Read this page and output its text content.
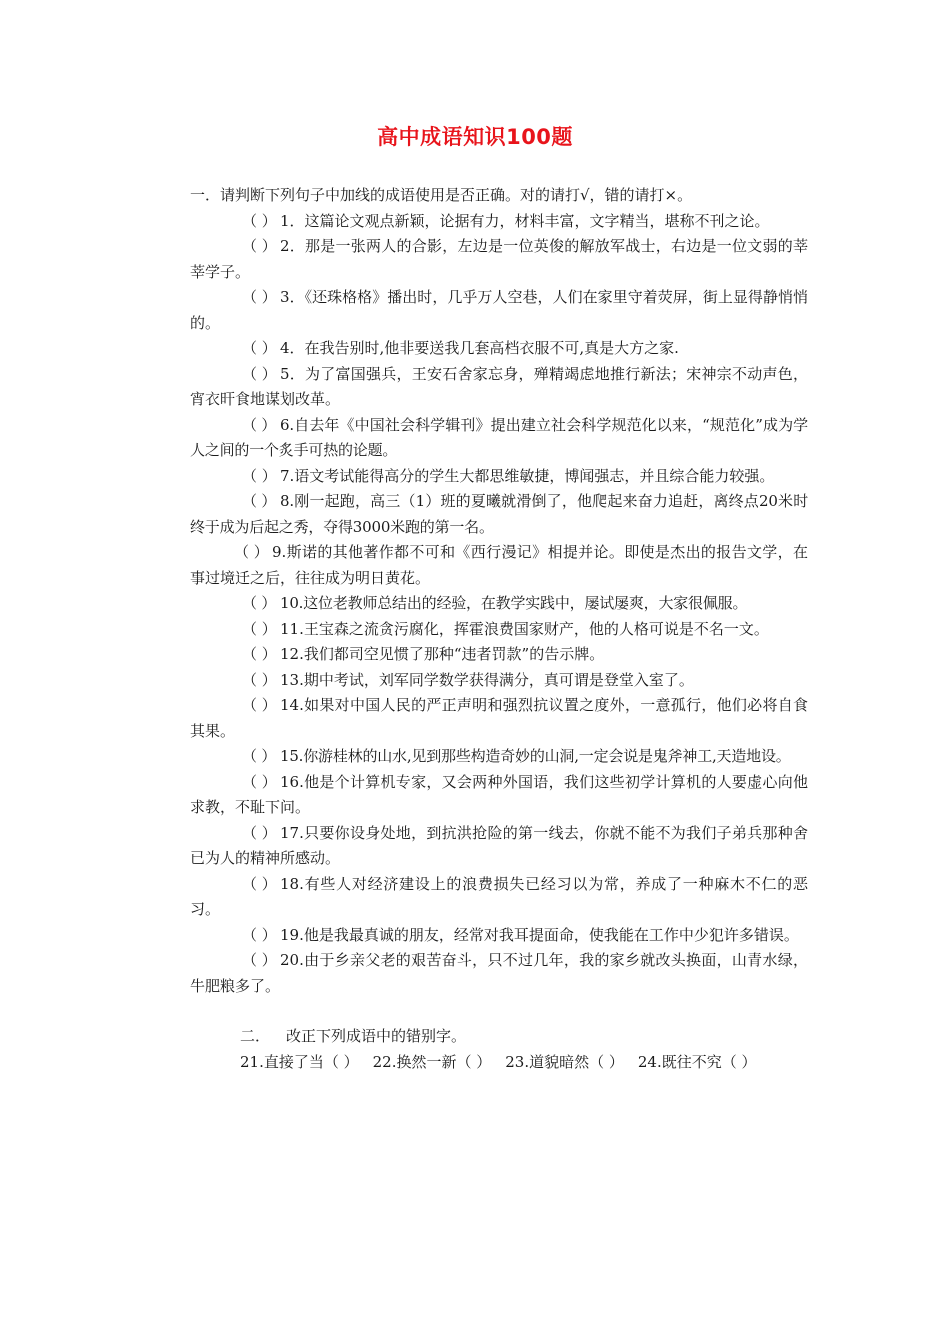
高中成语知识100题

一．请判断下列句子中加线的成语使用是否正确。对的请打√，错的请打×。

（ ） 1．这篇论文观点新颖，论据有力，材料丰富，文字精当，堪称不刊之论。

（ ） 2．那是一张两人的合影，左边是一位英俊的解放军战士，右边是一位文弱的莘莘学子。

（ ） 3．《还珠格格》播出时，几乎万人空巷，人们在家里守着荧屏，街上显得静悄悄的。

（ ） 4．在我告别时,他非要送我几套高档衣服不可,真是大方之家.

（ ） 5．为了富国强兵，王安石舍家忘身，殚精竭虑地推行新法；宋神宗不动声色，宵衣旰食地谋划改革。

（ ） 6.自去年《中国社会科学辑刊》提出建立社会科学规范化以来，“规范化”成为学人之间的一个炙手可热的论题。

（ ） 7.语文考试能得高分的学生大都思维敏捷，博闻强志，并且综合能力较强。

（ ） 8.刚一起跑，高三（1）班的夏曦就滑倒了，他爬起来奋力追赶，离终点20米时终于成为后起之秀，夺得3000米跑的第一名。

（ ） 9.斯诺的其他著作都不可和《西行漫记》相提并论。即使是杰出的报告文学，在事过境迁之后，往往成为明日黄花。

（ ） 10.这位老教师总结出的经验，在教学实践中，屡试屡爽，大家很佩服。

（ ） 11.王宝森之流贪污腐化，挥霍浪费国家财产，他的人格可说是不名一文。

（ ） 12.我们都司空见惯了那种“违者罚款”的告示牌。

（ ） 13.期中考试，刘军同学数学获得满分，真可谓是登堂入室了。

（ ） 14.如果对中国人民的严正声明和强烈抗议置之度外，一意孤行，他们必将自食其果。

（ ） 15.你游桂林的山水,见到那些构造奇妙的山洞,一定会说是鬼斧神工,天造地设。

（ ） 16.他是个计算机专家，又会两种外国语，我们这些初学计算机的人要虚心向他求教，不耻下问。

（ ） 17.只要你设身处地，到抗洪抢险的第一线去，你就不能不为我们子弟兵那种舍已为人的精神所感动。

（ ） 18.有些人对经济建设上的浪费损失已经习以为常，养成了一种麻木不仁的恶习。

（ ） 19.他是我最真诚的朋友，经常对我耳提面命，使我能在工作中少犯许多错误。

（ ） 20.由于乡亲父老的艰苦奋斗，只不过几年，我的家乡就改头换面，山青水绿，牛肥粮多了。

二． 改正下列成语中的错别字。

21.直接了当（ ） 22.换然一新（ ） 23.道貌暗然（ ） 24.既往不究（ ）
